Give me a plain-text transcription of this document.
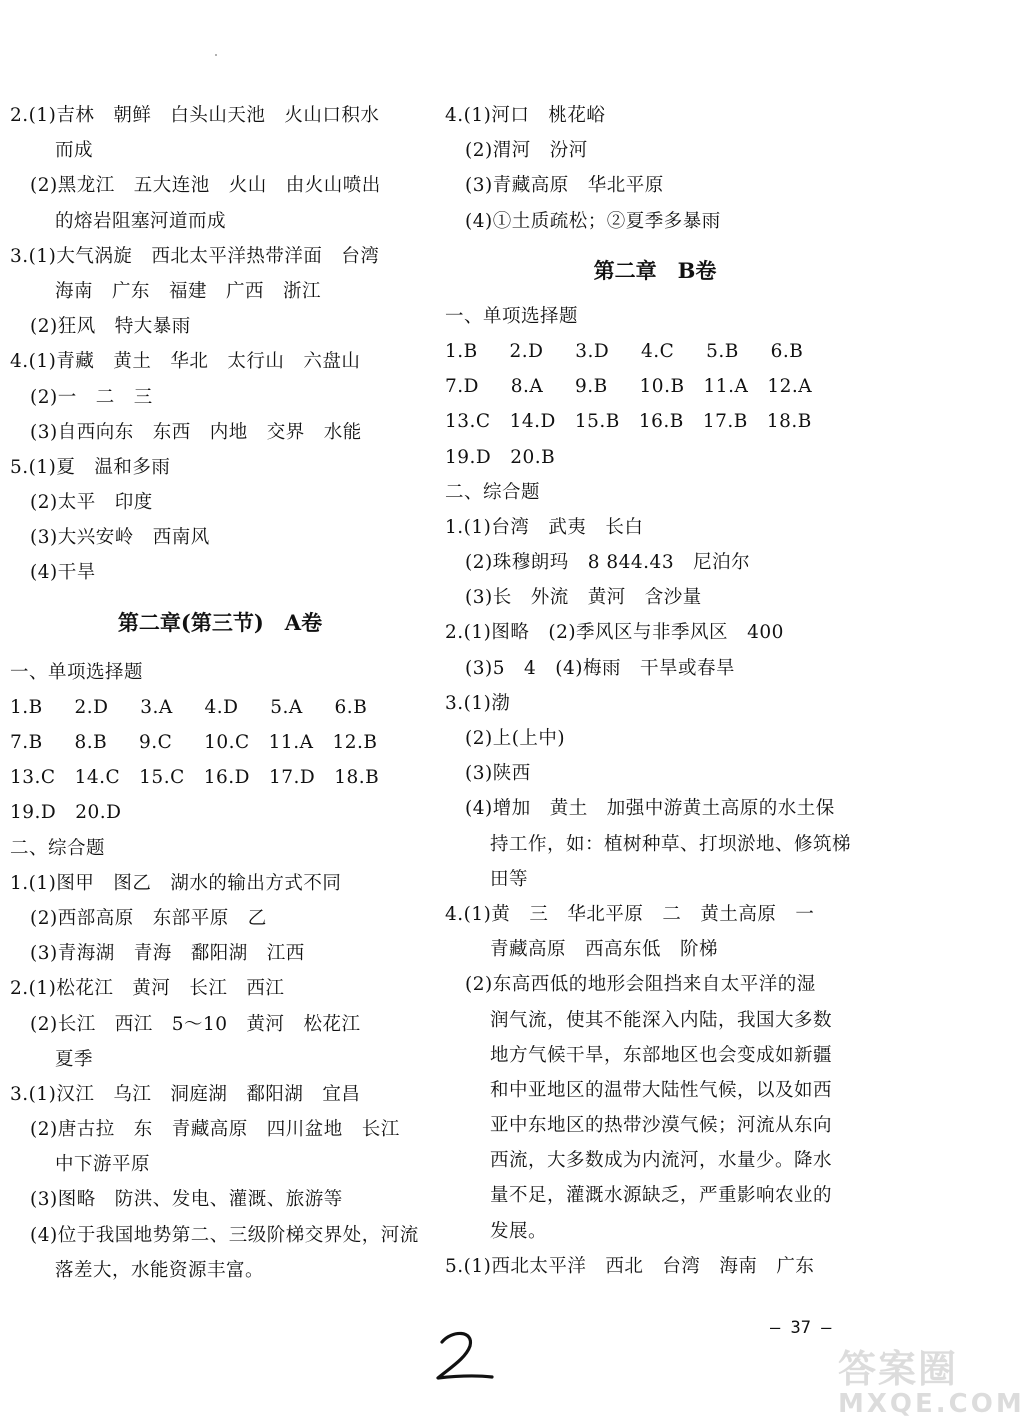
2.(1)吉林　朝鲜　白头山天池　火山口积水
而成
(2)黑龙江　五大连池　火山　由火山喷出
的熔岩阻塞河道而成
3.(1)大气涡旋　西北太平洋热带洋面　台湾
海南　广东　福建　广西　浙江
(2)狂风　特大暴雨
4.(1)青藏　黄土　华北　太行山　六盘山
(2)一　二　三
(3)自西向东　东西　内地　交界　水能
5.(1)夏　温和多雨
(2)太平　印度
(3)大兴安岭　西南风
(4)干旱
第二章(第三节)　A卷
一、单项选择题
1.B　  2.D　  3.A　  4.D　  5.A　  6.B
7.B　  8.B　  9.C　  10.C　11.A　12.B
13.C　14.C　15.C　16.D　17.D　18.B
19.D　20.D
二、综合题
1.(1)图甲　图乙　湖水的输出方式不同
(2)西部高原　东部平原　乙
(3)青海湖　青海　鄱阳湖　江西
2.(1)松花江　黄河　长江　西江
(2)长江　西江　5～10　黄河　松花江
夏季
3.(1)汉江　乌江　洞庭湖　鄱阳湖　宜昌
(2)唐古拉　东　青藏高原　四川盆地　长江
中下游平原
(3)图略　防洪、发电、灌溉、旅游等
(4)位于我国地势第二、三级阶梯交界处，河流
落差大，水能资源丰富。
4.(1)河口　桃花峪
(2)渭河　汾河
(3)青藏高原　华北平原
(4)①土质疏松；②夏季多暴雨
第二章　B卷
一、单项选择题
1.B　  2.D　  3.D　  4.C　  5.B　  6.B
7.D　  8.A　  9.B　  10.B　11.A　12.A
13.C　14.D　15.B　16.B　17.B　18.B
19.D　20.B
二、综合题
1.(1)台湾　武夷　长白
(2)珠穆朗玛　8 844.43　尼泊尔
(3)长　外流　黄河　含沙量
2.(1)图略　(2)季风区与非季风区　400
(3)5　4　(4)梅雨　干旱或春旱
3.(1)渤
(2)上(上中)
(3)陕西
(4)增加　黄土　加强中游黄土高原的水土保
持工作，如：植树种草、打坝淤地、修筑梯
田等
4.(1)黄　三　华北平原　二　黄土高原　一
青藏高原　西高东低　阶梯
(2)东高西低的地形会阻挡来自太平洋的湿
润气流，使其不能深入内陆，我国大多数
地方气候干旱，东部地区也会变成如新疆
和中亚地区的温带大陆性气候，以及如西
亚中东地区的热带沙漠气候；河流从东向
西流，大多数成为内流河，水量少。降水
量不足，灌溉水源缺乏，严重影响农业的
发展。
5.(1)西北太平洋　西北　台湾　海南　广东
— 37 —
答案圈
MXQE.COM
